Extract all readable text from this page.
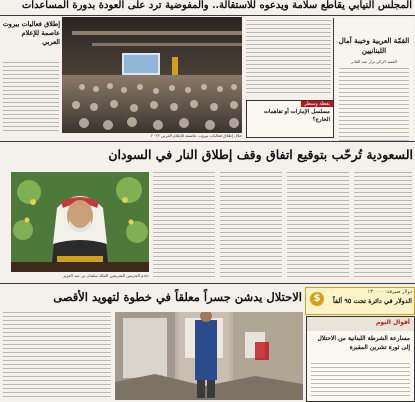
المجلس النيابي يقاطع سلامة ويدعوه للاستقالة.. والمفوضية ترد على العودة بدورة المساعدات
القمّة العربية وخيبة آمال اللبنانيين
العميد الركن نزار عبد القادر
إطلاق فعاليات بيروت عاصمة للإعلام العربي
خلال إطلاق فعاليات بيروت عاصمة للإعلام العربي ٢٠٢٣
نقطة وسطر
مسلسل الإمارات أو تفاهمات الخارج؟
السعودية تُرحّب بتوقيع اتفاق وقف إطلاق النار في السودان
خادم الحرمين الشريفين الملك سلمان بن عبد العزيز
الاحتلال يدشن جسراً معلقاً في خطوة لتهويد الأقصى	$
دولار صيرفة: ١٣٠٠٠٠
الدولار في دائرة تحت ٩٥ ألفاً
أقوال اليوم
مسارعة الشرطة اللبنانية من الاحتلال إلى ثورة تشرين المقبرة
